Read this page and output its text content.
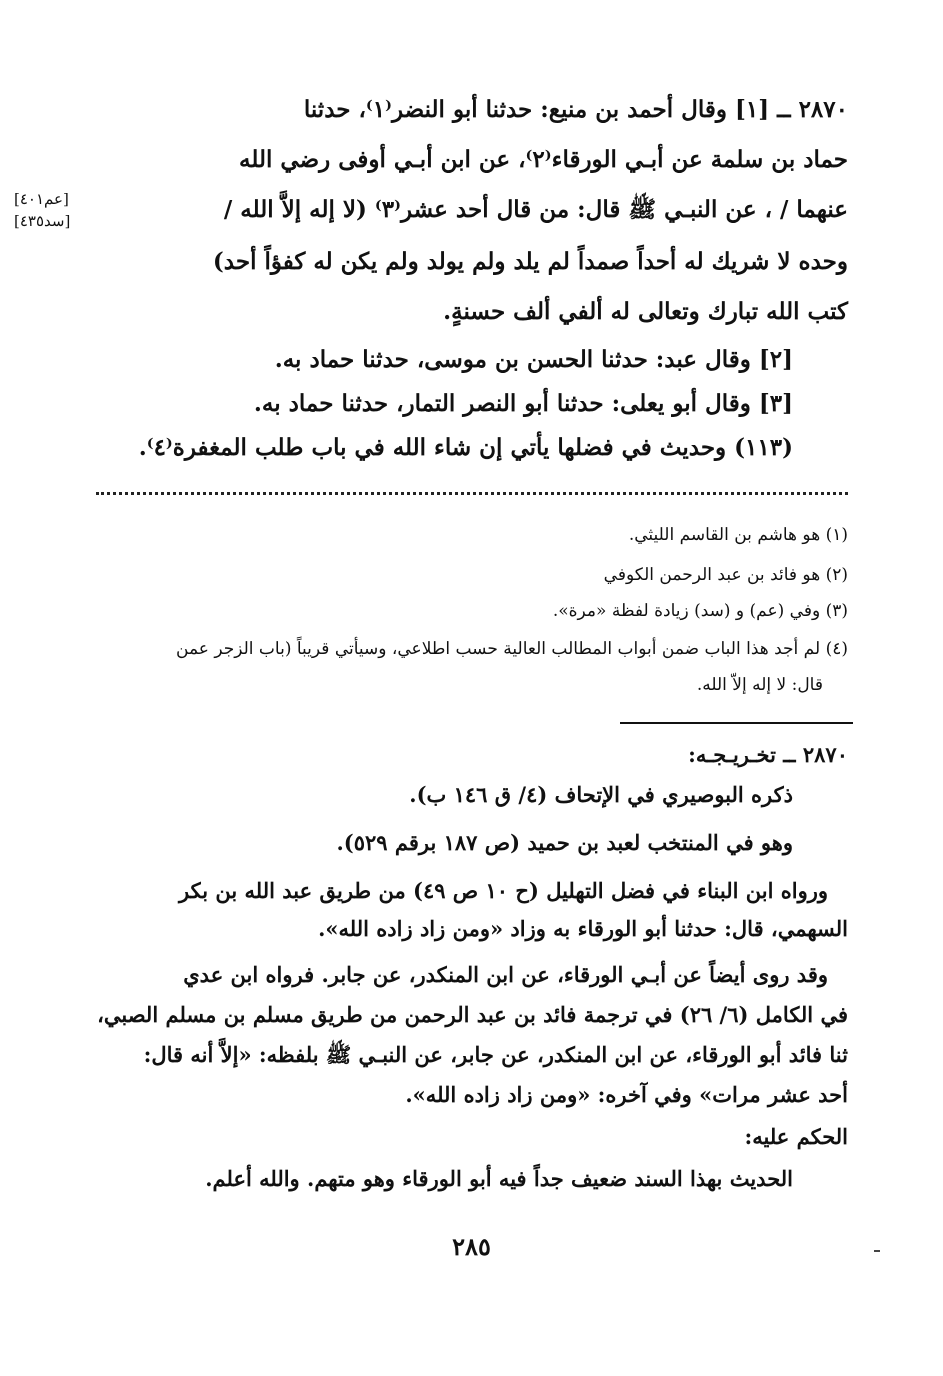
٢٨٧٠ ــ [١] وقال أحمد بن منيع: حدثنا أبو النضر⁽١⁾، حدثنا
حماد بن سلمة عن أبـي الورقاء⁽٢⁾، عن ابن أبـي أوفى رضي الله
عنهما / ، عن النبـي ﷺ قال: من قال أحد عشر⁽٣⁾ (لا إله إلاَّ الله /
وحده لا شريك له أحداً صمداً لم يلد ولم يولد ولم يكن له كفؤاً أحد)
كتب الله تبارك وتعالى له ألفي ألف حسنةٍ.
[عم٤٠١]
[سد٤٣٥]
[٢] وقال عبد: حدثنا الحسن بن موسى، حدثنا حماد به.
[٣] وقال أبو يعلى: حدثنا أبو النصر التمار، حدثنا حماد به.
(١١٣) وحديث في فضلها يأتي إن شاء الله في باب طلب المغفرة⁽٤⁾.
(١) هو هاشم بن القاسم الليثي.
(٢) هو فائد بن عبد الرحمن الكوفي
(٣) وفي (عم) و (سد) زيادة لفظة «مرة».
(٤) لم أجد هذا الباب ضمن أبواب المطالب العالية حسب اطلاعي، وسيأتي قريباً (باب الزجر عمن
قال: لا إله إلاّ الله.
٢٨٧٠ ــ تخـريـجـه:
ذكره البوصيري في الإتحاف (٤/ ق ١٤٦ ب).
وهو في المنتخب لعبد بن حميد (ص ١٨٧ برقم ٥٢٩).
ورواه ابن البناء في فضل التهليل (ح ١٠ ص ٤٩) من طريق عبد الله بن بكر
السهمي، قال: حدثنا أبو الورقاء به وزاد «ومن زاد زاده الله».
وقد روى أيضاً عن أبـي الورقاء، عن ابن المنكدر، عن جابر. فرواه ابن عدي
في الكامل (٦/ ٢٦) في ترجمة فائد بن عبد الرحمن من طريق مسلم بن مسلم الصبي،
ثنا فائد أبو الورقاء، عن ابن المنكدر، عن جابر، عن النبـي ﷺ بلفظه: «إلاَّ أنه قال:
أحد عشر مرات» وفي آخره: «ومن زاد زاده الله».
الحكم عليه:
الحديث بهذا السند ضعيف جداً فيه أبو الورقاء وهو متهم. والله أعلم.
٢٨٥
